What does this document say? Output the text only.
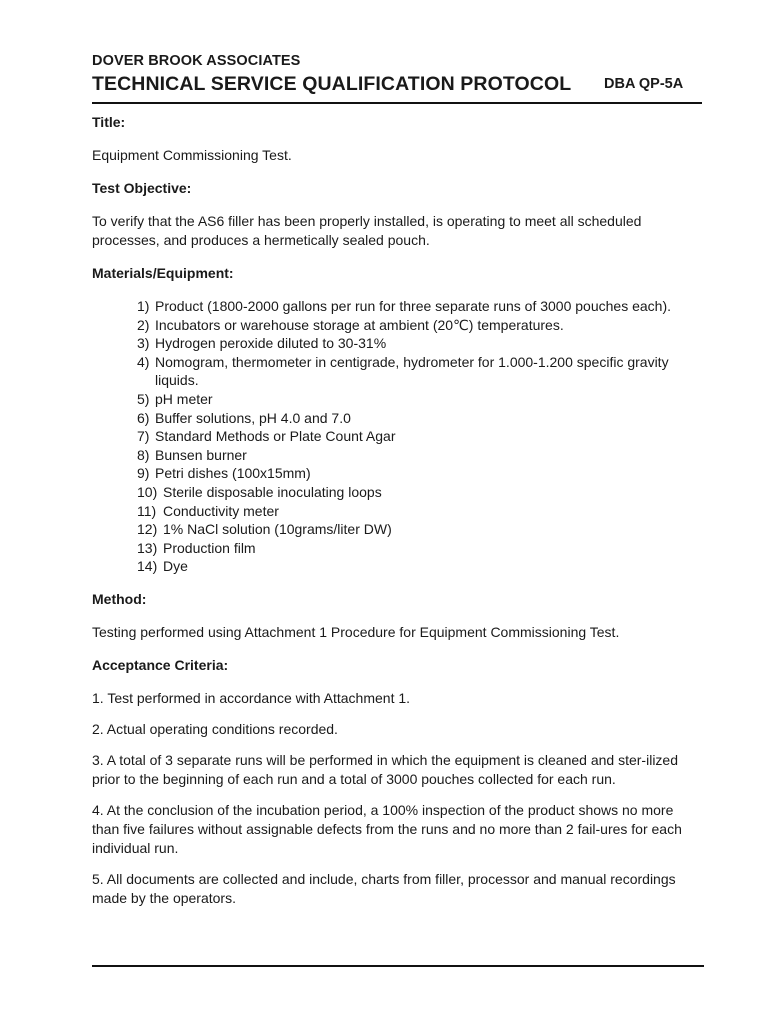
DOVER BROOK ASSOCIATES
TECHNICAL SERVICE QUALIFICATION PROTOCOL DBA QP-5A

Title:

Equipment Commissioning Test.

Test Objective:

To verify that the AS6 filler has been properly installed, is operating to meet all scheduled processes, and produces a hermetically sealed pouch.

Materials/Equipment:

1) Product (1800-2000 gallons per run for three separate runs of 3000 pouches each).
2) Incubators or warehouse storage at ambient (20℃) temperatures.
3) Hydrogen peroxide diluted to 30-31%
4) Nomogram, thermometer in centigrade, hydrometer for 1.000-1.200 specific gravity liquids.
5) pH meter
6) Buffer solutions, pH 4.0 and 7.0
7) Standard Methods or Plate Count Agar
8) Bunsen burner
9) Petri dishes (100x15mm)
10) Sterile disposable inoculating loops
11) Conductivity meter
12) 1% NaCl solution (10grams/liter DW)
13) Production film
14) Dye

Method:

Testing performed using Attachment 1 Procedure for Equipment Commissioning Test.

Acceptance Criteria:

1. Test performed in accordance with Attachment 1.

2. Actual operating conditions recorded.

3. A total of 3 separate runs will be performed in which the equipment is cleaned and ster-ilized prior to the beginning of each run and a total of 3000 pouches collected for each run.

4. At the conclusion of the incubation period, a 100% inspection of the product shows no more than five failures without assignable defects from the runs and no more than 2 fail-ures for each individual run.

5. All documents are collected and include, charts from filler, processor and manual recordings made by the operators.
